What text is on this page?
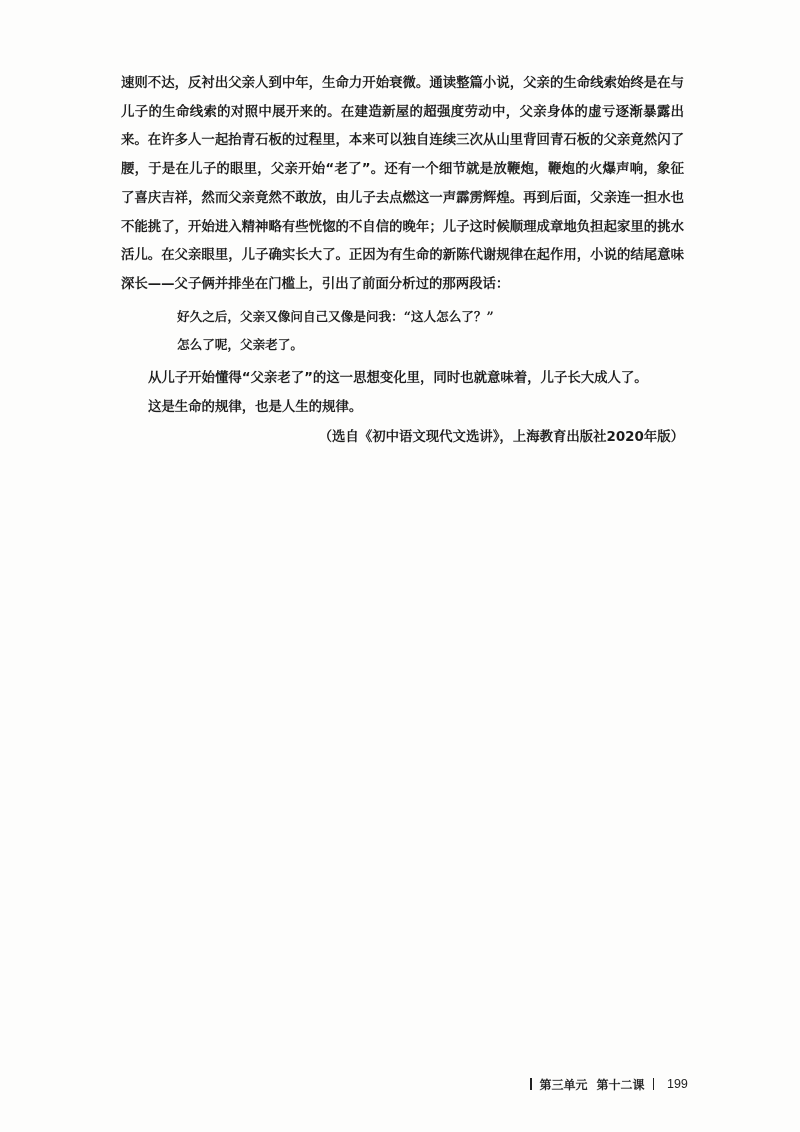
速则不达，反衬出父亲人到中年，生命力开始衰微。通读整篇小说，父亲的生命线索始终是在与
儿子的生命线索的对照中展开来的。在建造新屋的超强度劳动中，父亲身体的虚亏逐渐暴露出
来。在许多人一起抬青石板的过程里，本来可以独自连续三次从山里背回青石板的父亲竟然闪了
腰，于是在儿子的眼里，父亲开始“老了”。还有一个细节就是放鞭炮，鞭炮的火爆声响，象征
了喜庆吉祥，然而父亲竟然不敢放，由儿子去点燃这一声霹雳辉煌。再到后面，父亲连一担水也
不能挑了，开始进入精神略有些恍惚的不自信的晚年；儿子这时候顺理成章地负担起家里的挑水
活儿。在父亲眼里，儿子确实长大了。正因为有生命的新陈代谢规律在起作用，小说的结尾意味
深长——父子俩并排坐在门槛上，引出了前面分析过的那两段话：
好久之后，父亲又像问自己又像是问我：“这人怎么了？”
怎么了呢，父亲老了。
从儿子开始懂得“父亲老了”的这一思想变化里，同时也就意味着，儿子长大成人了。
这是生命的规律，也是人生的规律。
（选自《初中语文现代文选讲》，上海教育出版社2020年版）
第三单元 第十二课 199
